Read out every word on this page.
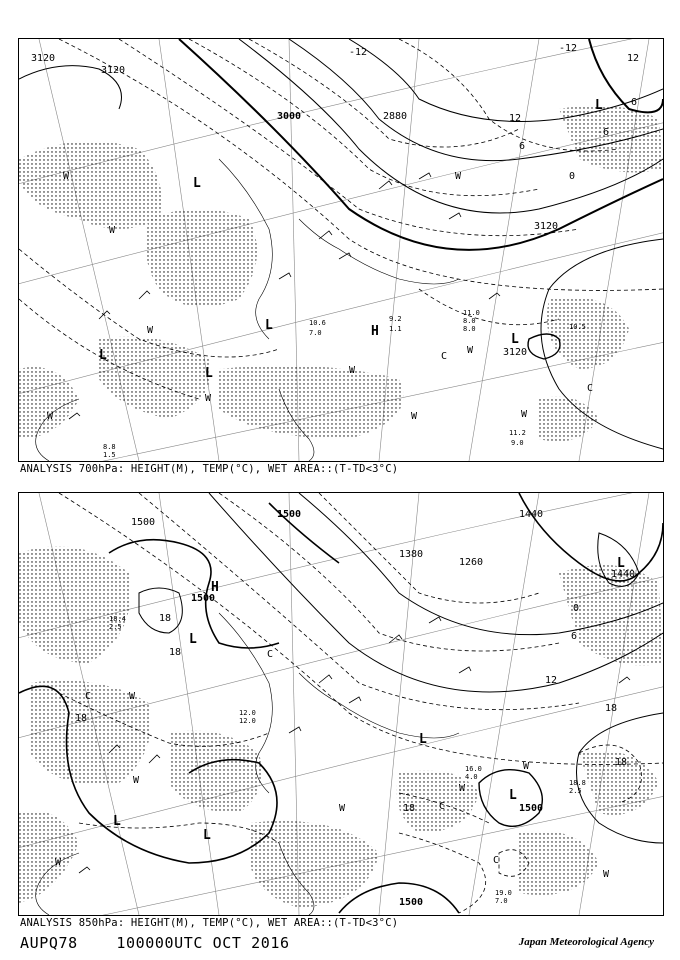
3120
3120
3000	2880
3120
3120
-12
-6
0
6
12
12
6
-12
L
L
L
L
L
L
H
W
W
W
W
W
W
W
W
W
W
C
C
10.5
8.0
11.2
9.0
11.0
8.0
9.2
1.1
10.6
7.0
8.8
1.5
ANALYSIS 700hPa: HEIGHT(M), TEMP(°C), WET AREA::(T-TD<3°C)
1500
1500
1500
1500
1500
1440
1440
1380
1260
18
18
18
18
18
18
12
6
0
L
L
L
L
L
L
H
W
W
W
W
W
W
W
C
C
C
C
19.0
7.0
18.8
2.5
16.0
4.0
12.0
12.0
18.4
2.5
ANALYSIS 850hPa: HEIGHT(M), TEMP(°C), WET AREA::(T-TD<3°C)
AUPQ78	100000UTC OCT 2016	Japan Meteorological Agency
